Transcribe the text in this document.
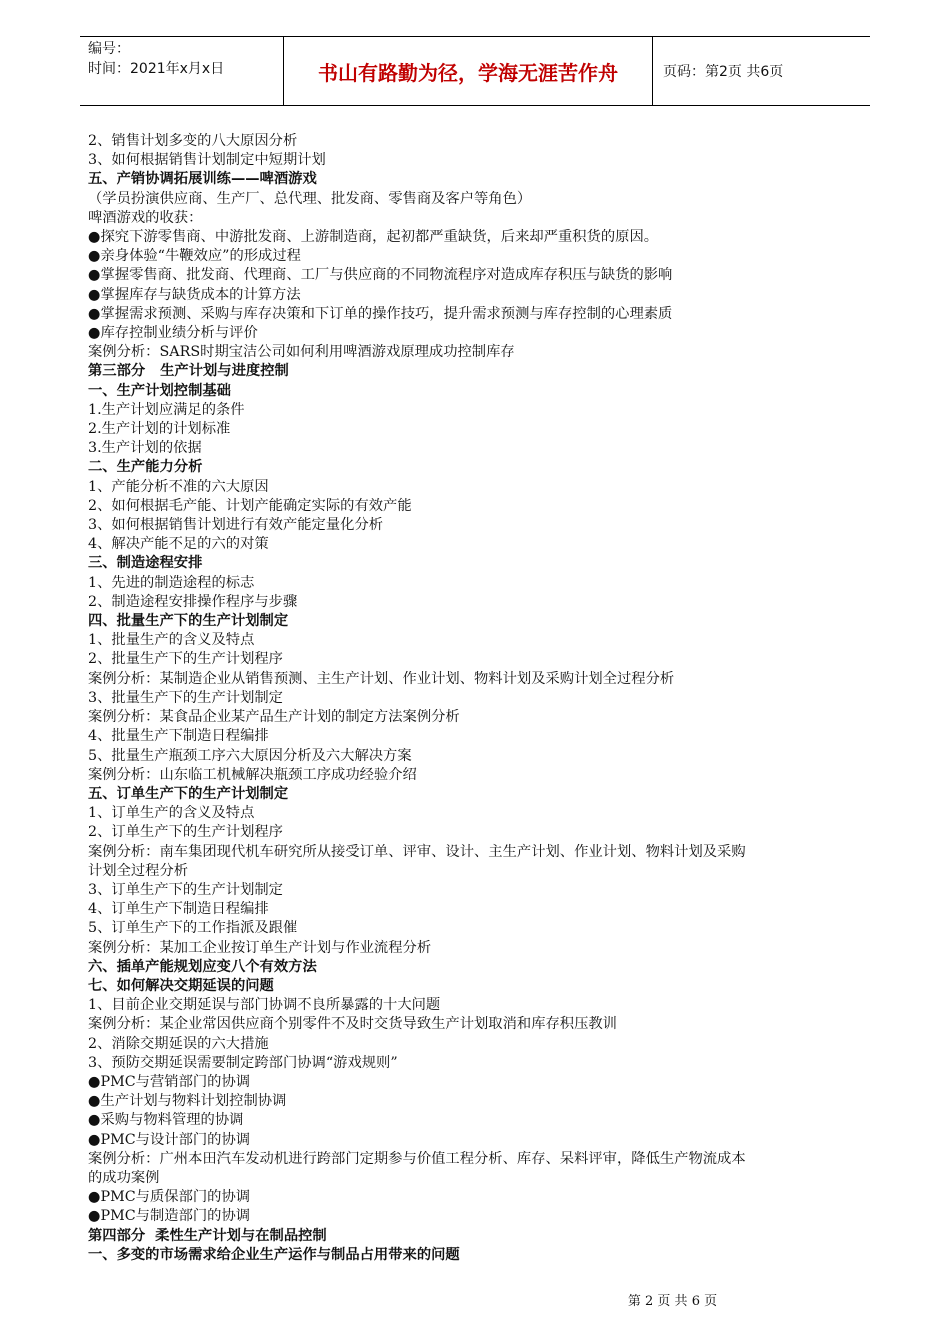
编号：
时间：2021年x月x日	书山有路勤为径，学海无涯苦作舟	页码：第2页 共6页
2、销售计划多变的八大原因分析
3、如何根据销售计划制定中短期计划
五、产销协调拓展训练——啤酒游戏
（学员扮演供应商、生产厂、总代理、批发商、零售商及客户等角色）
啤酒游戏的收获：
●探究下游零售商、中游批发商、上游制造商，起初都严重缺货，后来却严重积货的原因。
●亲身体验“牛鞭效应”的形成过程
●掌握零售商、批发商、代理商、工厂与供应商的不同物流程序对造成库存积压与缺货的影响
●掌握库存与缺货成本的计算方法
●掌握需求预测、采购与库存决策和下订单的操作技巧，提升需求预测与库存控制的心理素质
●库存控制业绩分析与评价
案例分析：SARS时期宝洁公司如何利用啤酒游戏原理成功控制库存
第三部分   生产计划与进度控制
一、生产计划控制基础
1.生产计划应满足的条件
2.生产计划的计划标准
3.生产计划的依据
二、生产能力分析
1、产能分析不准的六大原因
2、如何根据毛产能、计划产能确定实际的有效产能
3、如何根据销售计划进行有效产能定量化分析
4、解决产能不足的六的对策
三、制造途程安排
1、先进的制造途程的标志
2、制造途程安排操作程序与步骤
四、批量生产下的生产计划制定
1、批量生产的含义及特点
2、批量生产下的生产计划程序
案例分析：某制造企业从销售预测、主生产计划、作业计划、物料计划及采购计划全过程分析
3、批量生产下的生产计划制定
案例分析：某食品企业某产品生产计划的制定方法案例分析
4、批量生产下制造日程编排
5、批量生产瓶颈工序六大原因分析及六大解决方案
案例分析：山东临工机械解决瓶颈工序成功经验介绍
五、订单生产下的生产计划制定
1、订单生产的含义及特点
2、订单生产下的生产计划程序
案例分析：南车集团现代机车研究所从接受订单、评审、设计、主生产计划、作业计划、物料计划及采购
计划全过程分析
3、订单生产下的生产计划制定
4、订单生产下制造日程编排
5、订单生产下的工作指派及跟催
案例分析：某加工企业按订单生产计划与作业流程分析
六、插单产能规划应变八个有效方法
七、如何解决交期延误的问题
1、目前企业交期延误与部门协调不良所暴露的十大问题
案例分析：某企业常因供应商个别零件不及时交货导致生产计划取消和库存积压教训
2、消除交期延误的六大措施
3、预防交期延误需要制定跨部门协调“游戏规则”
●PMC与营销部门的协调
●生产计划与物料计划控制协调
●采购与物料管理的协调
●PMC与设计部门的协调
案例分析：广州本田汽车发动机进行跨部门定期参与价值工程分析、库存、呆料评审，降低生产物流成本
的成功案例
●PMC与质保部门的协调
●PMC与制造部门的协调
第四部分  柔性生产计划与在制品控制
一、多变的市场需求给企业生产运作与制品占用带来的问题
第 2 页 共 6 页
